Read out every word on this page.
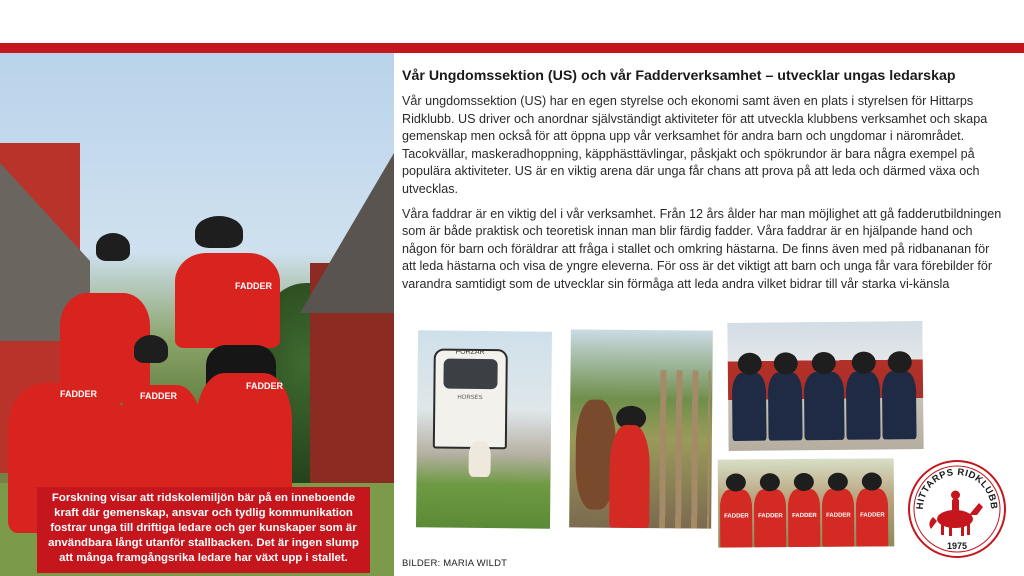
FADDER
FADDER	FADDER
FADDER
Forskning visar att ridskolemiljön bär på en inneboende kraft där gemenskap, ansvar och tydlig kommunikation fostrar unga till driftiga ledare och ger kunskaper som är användbara långt utanför stallbacken. Det är ingen slump att många framgångsrika ledare har växt upp i stallet.
Vår Ungdomssektion (US) och vår Fadderverksamhet – utvecklar ungas ledarskap

Vår ungdomssektion (US) har en egen styrelse och ekonomi samt även en plats i styrelsen för Hittarps Ridklubb. US driver och anordnar självständigt aktiviteter för att utveckla klubbens verksamhet och skapa gemenskap men också för att öppna upp vår verksamhet för andra barn och ungdomar i närområdet. Tacokvällar, maskeradhoppning, käpphästtävlingar, påskjakt och spökrundor är bara några exempel på populära aktiviteter. US är en viktig arena där unga får chans att prova på att leda och därmed växa och utvecklas.

Våra faddrar är en viktig del i vår verksamhet. Från 12 års ålder har man möjlighet att gå fadderutbildningen som är både praktisk och teoretisk innan man blir färdig fadder. Våra faddrar är en hjälpande hand och någon för barn och föräldrar att fråga i stallet och omkring hästarna. De finns även med på ridbananan för att leda hästarna och visa de yngre eleverna. För oss är det viktigt att barn och unga får vara förebilder för varandra samtidigt som de utvecklar sin förmåga att leda andra vilket bidrar till vår starka vi-känsla

FORZAR
HORSES
FADDER FADDER FADDER FADDER FADDER
BILDER: MARIA WILDT
HITTARPS RIDKLUBB
1975
